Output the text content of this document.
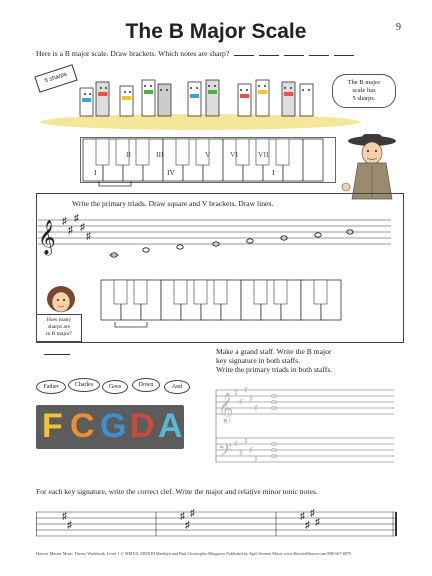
The B Major Scale	9
Here is a B major scale. Draw brackets. Which notes are sharp?
5 sharps	The B major
scale has
5 sharps.
II	III	V	VI	VII
I	IV	I
Write the primary triads. Draw square and V brackets. Draw lines.
𝄞 ♯
♯
♯
♯
♯
How many
sharps are
in B major?
Father	Charles	Goes	Down	And
F C G D A
Make a grand staff. Write the B major
key signature in both staffs.
Write the primary triads in both staffs.
𝄞
𝄢
♯
♯
♯
♯
♯
♯
♯
♯
♯
♯
For each key signature, write the correct clef. Write the major and relative minor tonic notes.
♯
♯
♯
♯
♯	♯
♯
♯
♯
Hoover Masser Music Theory Workbook, Level 1 © MMXII, MMXIII Madalyn and Paul Christopher Rhogavey Published by April Avenue Music www.HooverMasser.com 888-567-8878
